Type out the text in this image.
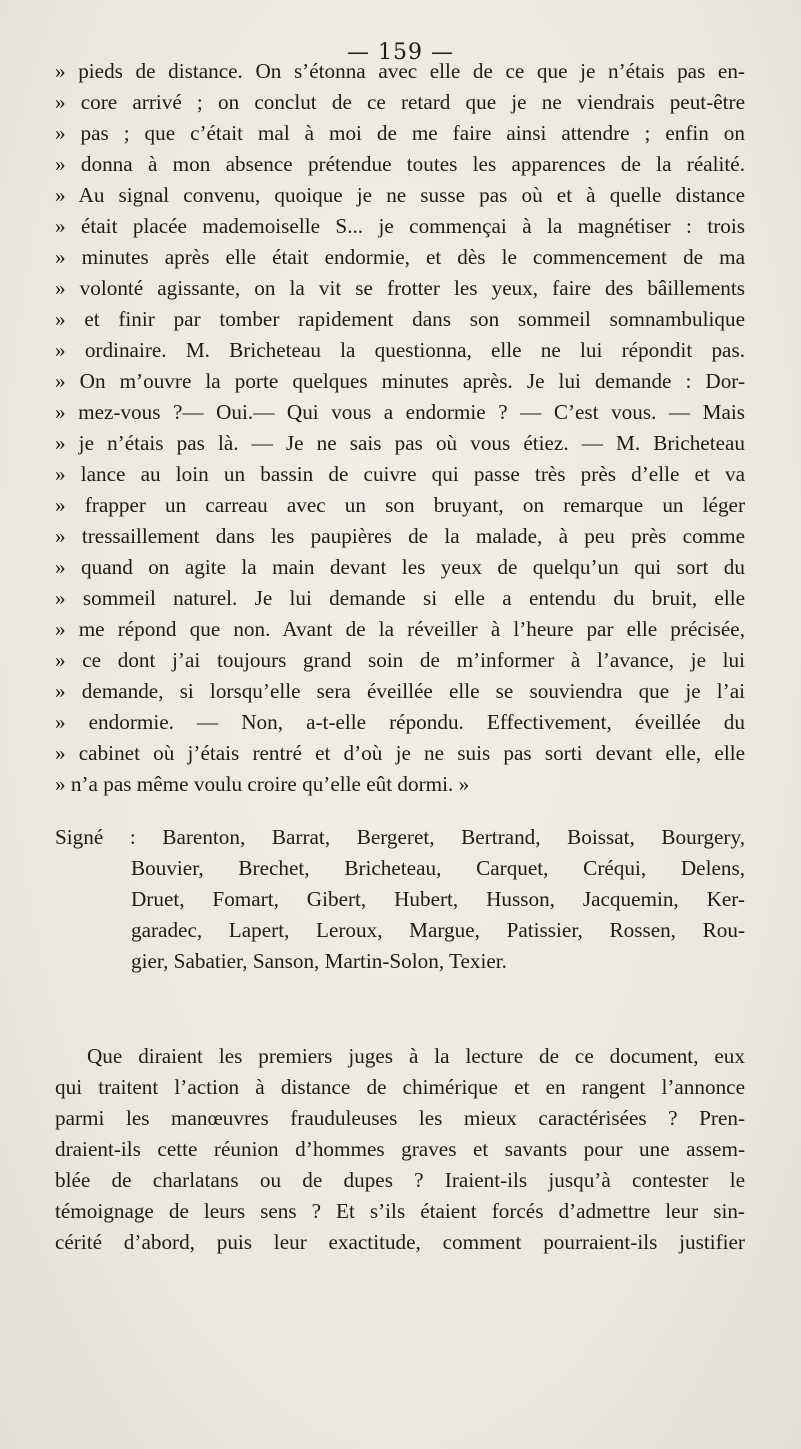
— 159 —
» pieds de distance. On s’étonna avec elle de ce que je n’étais pas en-
» core arrivé ; on conclut de ce retard que je ne viendrais peut-être
» pas ; que c’était mal à moi de me faire ainsi attendre ; enfin on
» donna à mon absence prétendue toutes les apparences de la réalité.
» Au signal convenu, quoique je ne susse pas où et à quelle distance
» était placée mademoiselle S... je commençai à la magnétiser : trois
» minutes après elle était endormie, et dès le commencement de ma
» volonté agissante, on la vit se frotter les yeux, faire des bâillements
» et finir par tomber rapidement dans son sommeil somnambulique
» ordinaire. M. Bricheteau la questionna, elle ne lui répondit pas.
» On m’ouvre la porte quelques minutes après. Je lui demande : Dor-
» mez-vous ?— Oui.— Qui vous a endormie ? — C’est vous. — Mais
» je n’étais pas là. — Je ne sais pas où vous étiez. — M. Bricheteau
» lance au loin un bassin de cuivre qui passe très près d’elle et va
» frapper un carreau avec un son bruyant, on remarque un léger
» tressaillement dans les paupières de la malade, à peu près comme
» quand on agite la main devant les yeux de quelqu’un qui sort du
» sommeil naturel. Je lui demande si elle a entendu du bruit, elle
» me répond que non. Avant de la réveiller à l’heure par elle précisée,
» ce dont j’ai toujours grand soin de m’informer à l’avance, je lui
» demande, si lorsqu’elle sera éveillée elle se souviendra que je l’ai
» endormie. — Non, a-t-elle répondu. Effectivement, éveillée du
» cabinet où j’étais rentré et d’où je ne suis pas sorti devant elle, elle
» n’a pas même voulu croire qu’elle eût dormi. »
Signé : Barenton, Barrat, Bergeret, Bertrand, Boissat, Bourgery,
Bouvier, Brechet, Bricheteau, Carquet, Créqui, Delens,
Druet, Fomart, Gibert, Hubert, Husson, Jacquemin, Ker-
garadec, Lapert, Leroux, Margue, Patissier, Rossen, Rou-
gier, Sabatier, Sanson, Martin-Solon, Texier.
Que diraient les premiers juges à la lecture de ce document, eux
qui traitent l’action à distance de chimérique et en rangent l’annonce
parmi les manœuvres frauduleuses les mieux caractérisées ? Pren-
draient-ils cette réunion d’hommes graves et savants pour une assem-
blée de charlatans ou de dupes ? Iraient-ils jusqu’à contester le
témoignage de leurs sens ? Et s’ils étaient forcés d’admettre leur sin-
cérité d’abord, puis leur exactitude, comment pourraient-ils justifier
